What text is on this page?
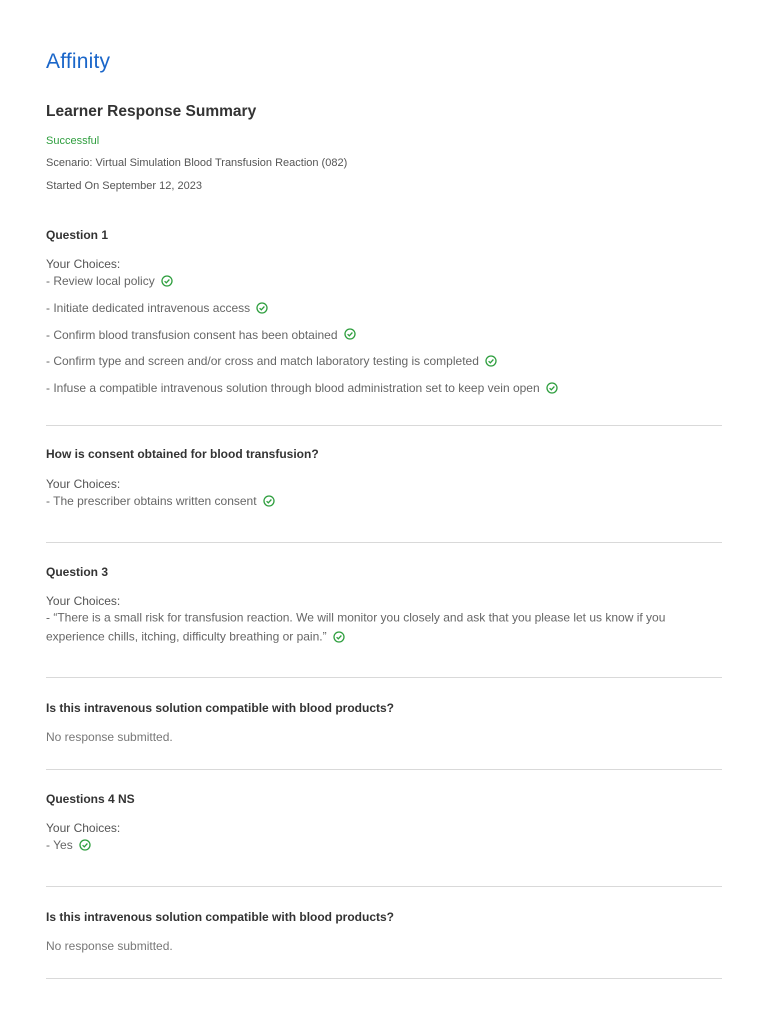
Affinity
Learner Response Summary
Successful
Scenario: Virtual Simulation Blood Transfusion Reaction (082)
Started On September 12, 2023
Question 1
Your Choices:
- Review local policy
- Initiate dedicated intravenous access
- Confirm blood transfusion consent has been obtained
- Confirm type and screen and/or cross and match laboratory testing is completed
- Infuse a compatible intravenous solution through blood administration set to keep vein open
How is consent obtained for blood transfusion?
Your Choices:
- The prescriber obtains written consent
Question 3
Your Choices:
- “There is a small risk for transfusion reaction. We will monitor you closely and ask that you please let us know if you experience chills, itching, difficulty breathing or pain.”
Is this intravenous solution compatible with blood products?
No response submitted.
Questions 4 NS
Your Choices:
- Yes
Is this intravenous solution compatible with blood products?
No response submitted.
